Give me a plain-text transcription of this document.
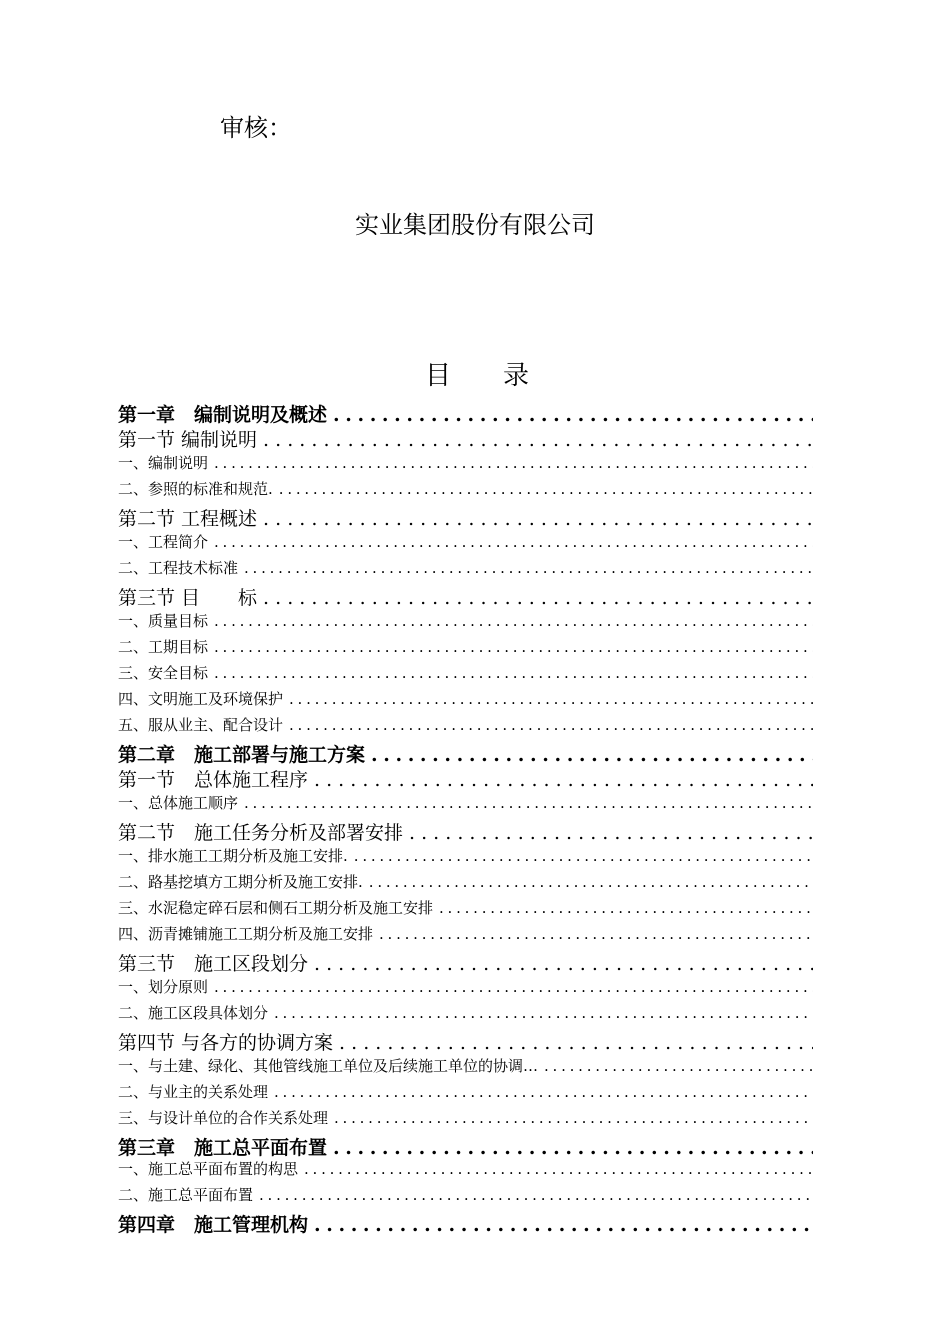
审核：
实业集团股份有限公司
目 录
第一章　编制说明及概述
. . .
第一节 编制说明
. . .
一、编制说明
. . .
二、参照的标准和规范.
. . .
第二节 工程概述
. . .
一、工程简介
. . .
二、工程技术标准
. . .
第三节 目　　标
. . .
一、质量目标
. . .
二、工期目标
. . .
三、安全目标
. . .
四、文明施工及环境保护
. . .
五、服从业主、配合设计
. . .
第二章　施工部署与施工方案
. . .
第一节　总体施工程序
. . .
一、总体施工顺序
. . .
第二节　施工任务分析及部署安排
. . .
一、排水施工工期分析及施工安排.
. . .
二、路基挖填方工期分析及施工安排.
. . .
三、水泥稳定碎石层和侧石工期分析及施工安排
. . .
四、沥青摊铺施工工期分析及施工安排
. . .
第三节　施工区段划分
. . .
一、划分原则
. . .
二、施工区段具体划分
. . .
第四节 与各方的协调方案
. . .
一、与土建、绿化、其他管线施工单位及后续施工单位的协调…
. . .
二、与业主的关系处理
. . .
三、与设计单位的合作关系处理
. . .
第三章　施工总平面布置
. . .
一、施工总平面布置的构思
. . .
二、施工总平面布置
. . .
第四章　施工管理机构
. . .
